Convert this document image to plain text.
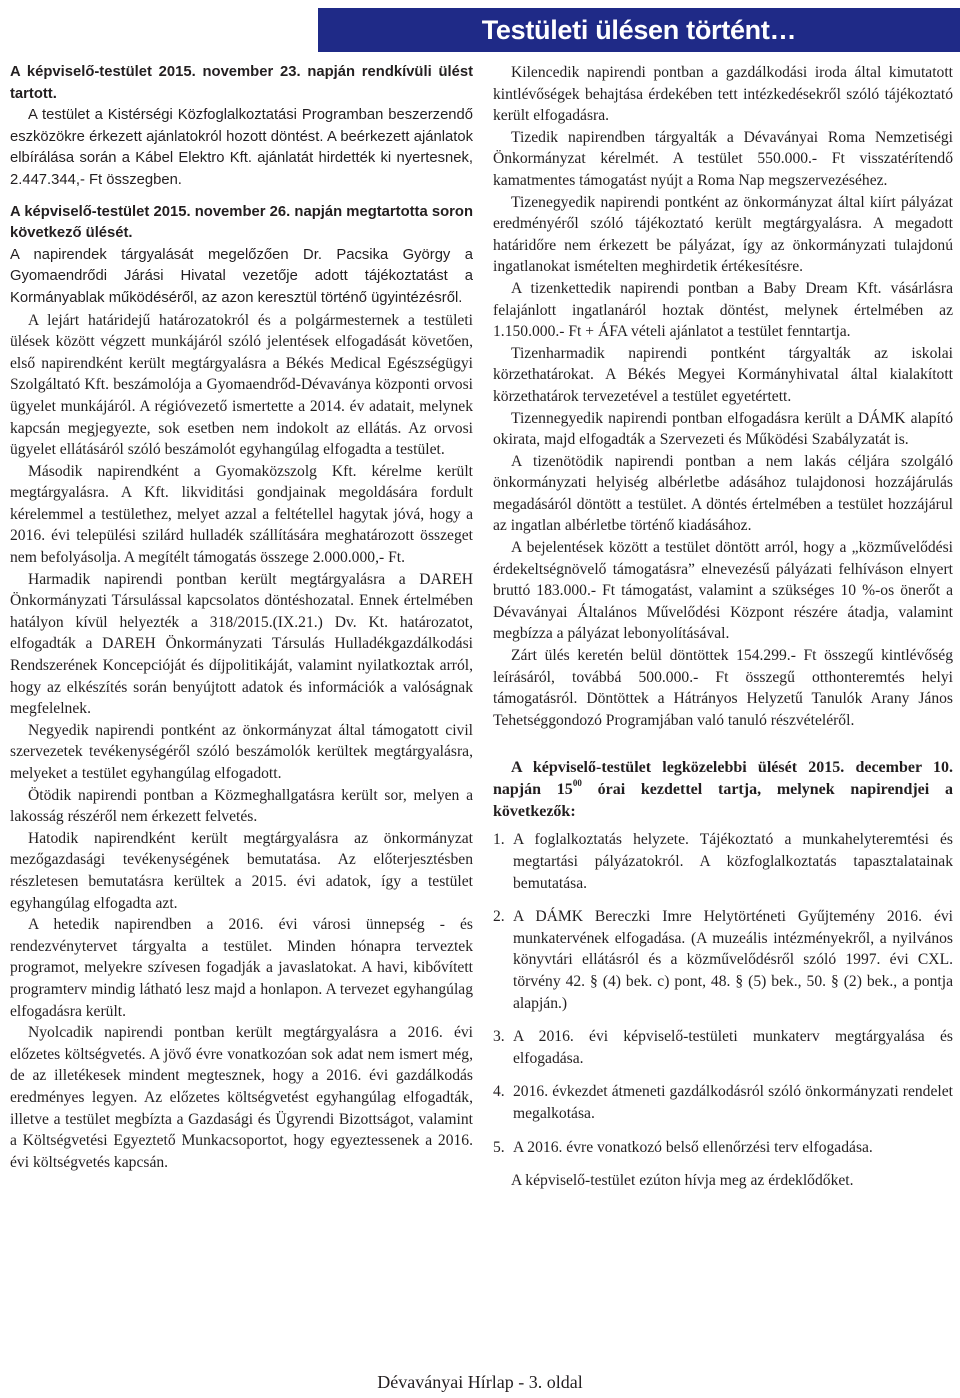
Testületi ülésen történt…

A képviselő-testület 2015. november 23. napján rendkívüli ülést tartott.

A testület a Kistérségi Közfoglalkoztatási Programban beszerzendő eszközökre érkezett ajánlatokról hozott döntést. A beérkezett ajánlatok elbírálása során a Kábel Elektro Kft. ajánlatát hirdették ki nyertesnek, 2.447.344,- Ft összegben.

A képviselő-testület 2015. november 26. napján megtartotta soron következő ülését.

A napirendek tárgyalását megelőzően Dr. Pacsika György a Gyomaendrődi Járási Hivatal vezetője adott tájékoztatást a Kormányablak működéséről, az azon keresztül történő ügyintézésről.

A lejárt határidejű határozatokról és a polgármesternek a testületi ülések között végzett munkájáról szóló jelentések elfogadását követően, első napirendként került megtárgyalásra a Békés Medical Egészségügyi Szolgáltató Kft. beszámolója a Gyomaendrőd-Dévaványa központi orvosi ügyelet munkájáról. A régióvezető ismertette a 2014. év adatait, melynek kapcsán megjegyezte, sok esetben nem indokolt az ellátás. Az orvosi ügyelet ellátásáról szóló beszámolót egyhangúlag elfogadta a testület.

Második napirendként a Gyomaközszolg Kft. kérelme került megtárgyalásra. A Kft. likviditási gondjainak megoldására fordult kérelemmel a testülethez, melyet azzal a feltétellel hagytak jóvá, hogy a 2016. évi települési szilárd hulladék szállítására meghatározott összeget nem befolyásolja. A megítélt támogatás összege 2.000.000,- Ft.

Harmadik napirendi pontban került megtárgyalásra a DAREH Önkormányzati Társulással kapcsolatos döntéshozatal. Ennek értelmében hatályon kívül helyezték a 318/2015.(IX.21.) Dv. Kt. határozatot, elfogadták a DAREH Önkormányzati Társulás Hulladékgazdálkodási Rendszerének Koncepcióját és díjpolitikáját, valamint nyilatkoztak arról, hogy az elkészítés során benyújtott adatok és információk a valóságnak megfelelnek.

Negyedik napirendi pontként az önkormányzat által támogatott civil szervezetek tevékenységéről szóló beszámolók kerültek megtárgyalásra, melyeket a testület egyhangúlag elfogadott.

Ötödik napirendi pontban a Közmeghallgatásra került sor, melyen a lakosság részéről nem érkezett felvetés.

Hatodik napirendként került megtárgyalásra az önkormányzat mezőgazdasági tevékenységének bemutatása. Az előterjesztésben részletesen bemutatásra kerültek a 2015. évi adatok, így a testület egyhangúlag elfogadta azt.

A hetedik napirendben a 2016. évi városi ünnepség - és rendezvénytervet tárgyalta a testület. Minden hónapra terveztek programot, melyekre szívesen fogadják a javaslatokat. A havi, kibővített programterv mindig látható lesz majd a honlapon. A tervezet egyhangúlag elfogadásra került.

Nyolcadik napirendi pontban került megtárgyalásra a 2016. évi előzetes költségvetés. A jövő évre vonatkozóan sok adat nem ismert még, de az illetékesek mindent megtesznek, hogy a 2016. évi gazdálkodás eredményes legyen. Az előzetes költségvetést egyhangúlag elfogadták, illetve a testület megbízta a Gazdasági és Ügyrendi Bizottságot, valamint a Költségvetési Egyeztető Munkacsoportot, hogy egyeztessenek a 2016. évi költségvetés kapcsán.

Kilencedik napirendi pontban a gazdálkodási iroda által kimutatott kintlévőségek behajtása érdekében tett intézkedésekről szóló tájékoztató került elfogadásra.

Tizedik napirendben tárgyalták a Dévaványai Roma Nemzetiségi Önkormányzat kérelmét. A testület 550.000.- Ft visszatérítendő kamatmentes támogatást nyújt a Roma Nap megszervezéséhez.

Tizenegyedik napirendi pontként az önkormányzat által kiírt pályázat eredményéről szóló tájékoztató került megtárgyalásra. A megadott határidőre nem érkezett be pályázat, így az önkormányzati tulajdonú ingatlanokat ismételten meghirdetik értékesítésre.

A tizenkettedik napirendi pontban a Baby Dream Kft. vásárlásra felajánlott ingatlanáról hoztak döntést, melynek értelmében az 1.150.000.- Ft + ÁFA vételi ajánlatot a testület fenntartja.

Tizenharmadik napirendi pontként tárgyalták az iskolai körzethatárokat. A Békés Megyei Kormányhivatal által kialakított körzethatárok tervezetével a testület egyetértett.

Tizennegyedik napirendi pontban elfogadásra került a DÁMK alapító okirata, majd elfogadták a Szervezeti és Működési Szabályzatát is.

A tizenötödik napirendi pontban a nem lakás céljára szolgáló önkormányzati helyiség albérletbe adásához tulajdonosi hozzájárulás megadásáról döntött a testület. A döntés értelmében a testület hozzájárul az ingatlan albérletbe történő kiadásához.

A bejelentések között a testület döntött arról, hogy a „közművelődési érdekeltségnövelő támogatásra” elnevezésű pályázati felhíváson elnyert bruttó 183.000.- Ft támogatást, valamint a szükséges 10 %-os önerőt a Dévaványai Általános Művelődési Központ részére átadja, valamint megbízza a pályázat lebonyolításával.

Zárt ülés keretén belül döntöttek 154.299.- Ft összegű kintlévőség leírásáról, továbbá 500.000.- Ft összegű otthonteremtés helyi támogatásról. Döntöttek a Hátrányos Helyzetű Tanulók Arany János Tehetséggondozó Programjában való tanuló részvételéről.

A képviselő-testület legközelebbi ülését 2015. december 10. napján $15^{00}$ órai kezdettel tartja, melynek napirendjei a következők:

1. A foglalkoztatás helyzete. Tájékoztató a munkahelyteremtési és megtartási pályázatokról. A közfoglalkoztatás tapasztalatainak bemutatása.
2. A DÁMK Bereczki Imre Helytörténeti Gyűjtemény 2016. évi munkatervének elfogadása. (A muzeális intézményekről, a nyilvános könyvtári ellátásról és a közművelődésről szóló 1997. évi CXL. törvény 42. § (4) bek. c) pont, 48. § (5) bek., 50. § (2) bek., a pontja alapján.)
3. A 2016. évi képviselő-testületi munkaterv megtárgyalása és elfogadása.
4. 2016. évkezdet átmeneti gazdálkodásról szóló önkormányzati rendelet megalkotása.
5. A 2016. évre vonatkozó belső ellenőrzési terv elfogadása.

A képviselő-testület ezúton hívja meg az érdeklődőket.

Dévaványai Hírlap - 3. oldal
